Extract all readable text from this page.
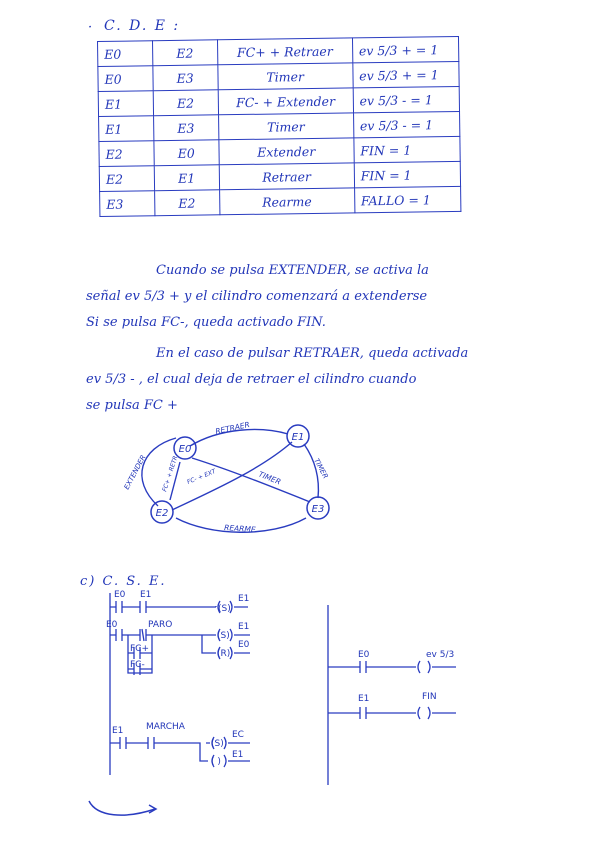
· C. D. E :
E0	E2	FC+ + Retraer	ev 5/3 + = 1
E0	E3	Timer	ev 5/3 + = 1
E1	E2	FC- + Extender	ev 5/3 - = 1
E1	E3	Timer	ev 5/3 - = 1
E2	E0	Extender	FIN = 1
E2	E1	Retraer	FIN = 1
E3	E2	Rearme	FALLO = 1
Cuando se pulsa EXTENDER, se activa la
señal ev 5/3 + y el cilindro comenzará a extenderse
Si se pulsa FC-, queda activado FIN.
En el caso de pulsar RETRAER, queda activada
ev 5/3 - , el cual deja de retraer el cilindro cuando
se pulsa FC +
E0
E1
E2	E3
EXTENDER
RETRAER
TIMER
TIMER
FC+ + RETR FC- + EXT
REARME
c) C. S. E.
E0 E1
(S)
E1
E0	PARO
FC+
FC-
(S)
(R)
E1
E0
E1	MARCHA
(S)
( )
EC
E1
E0	ev 5/3
E1	FIN
